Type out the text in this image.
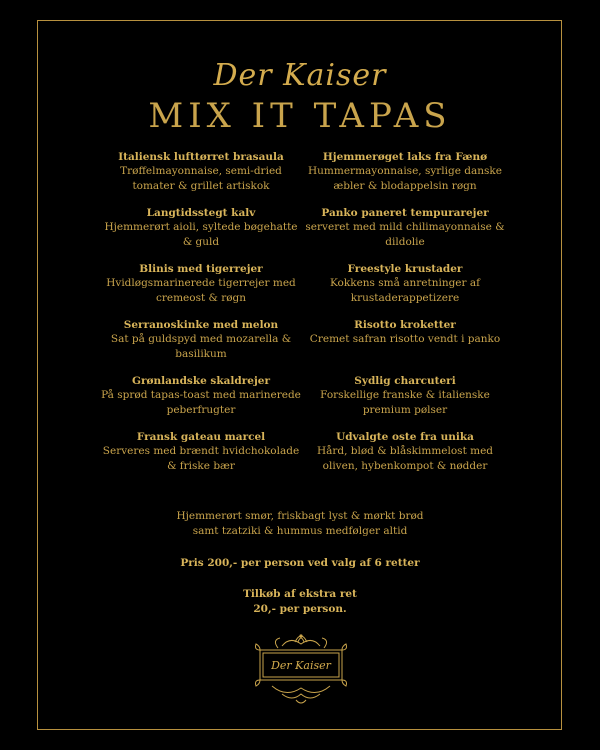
Der Kaiser
MIX IT TAPAS
Italiensk lufttørret brasaula
Trøffelmayonnaise, semi-dried tomater & grillet artiskok
Langtidsstegt kalv
Hjemmerørt aioli, syltede bøgehatte & guld
Blinis med tigerrejer
Hvidløgsmarinerede tigerrejer med cremeost & røgn
Serranoskinke med melon
Sat på guldspyd med mozarella & basilikum
Grønlandske skaldrejer
På sprød tapas-toast med marinerede peberfrugter
Fransk gateau marcel
Serveres med brændt hvidchokolade & friske bær
Hjemmerøget laks fra Fænø
Hummermayonnaise, syrlige danske æbler & blodappelsin røgn
Panko paneret tempurarejer
serveret med mild chilimayonnaise & dildolie
Freestyle krustader
Kokkens små anretninger af krustaderappetizere
Risotto kroketter
Cremet safran risotto vendt i panko
Sydlig charcuteri
Forskellige franske & italienske premium pølser
Udvalgte oste fra unika
Hård, blød & blåskimmelost med oliven, hybenkompot & nødder
Hjemmerørt smør, friskbagt lyst & mørkt brød
samt tzatziki & hummus medfølger altid
Pris 200,- per person ved valg af 6 retter
Tilkøb af ekstra ret
20,- per person.
Der Kaiser
